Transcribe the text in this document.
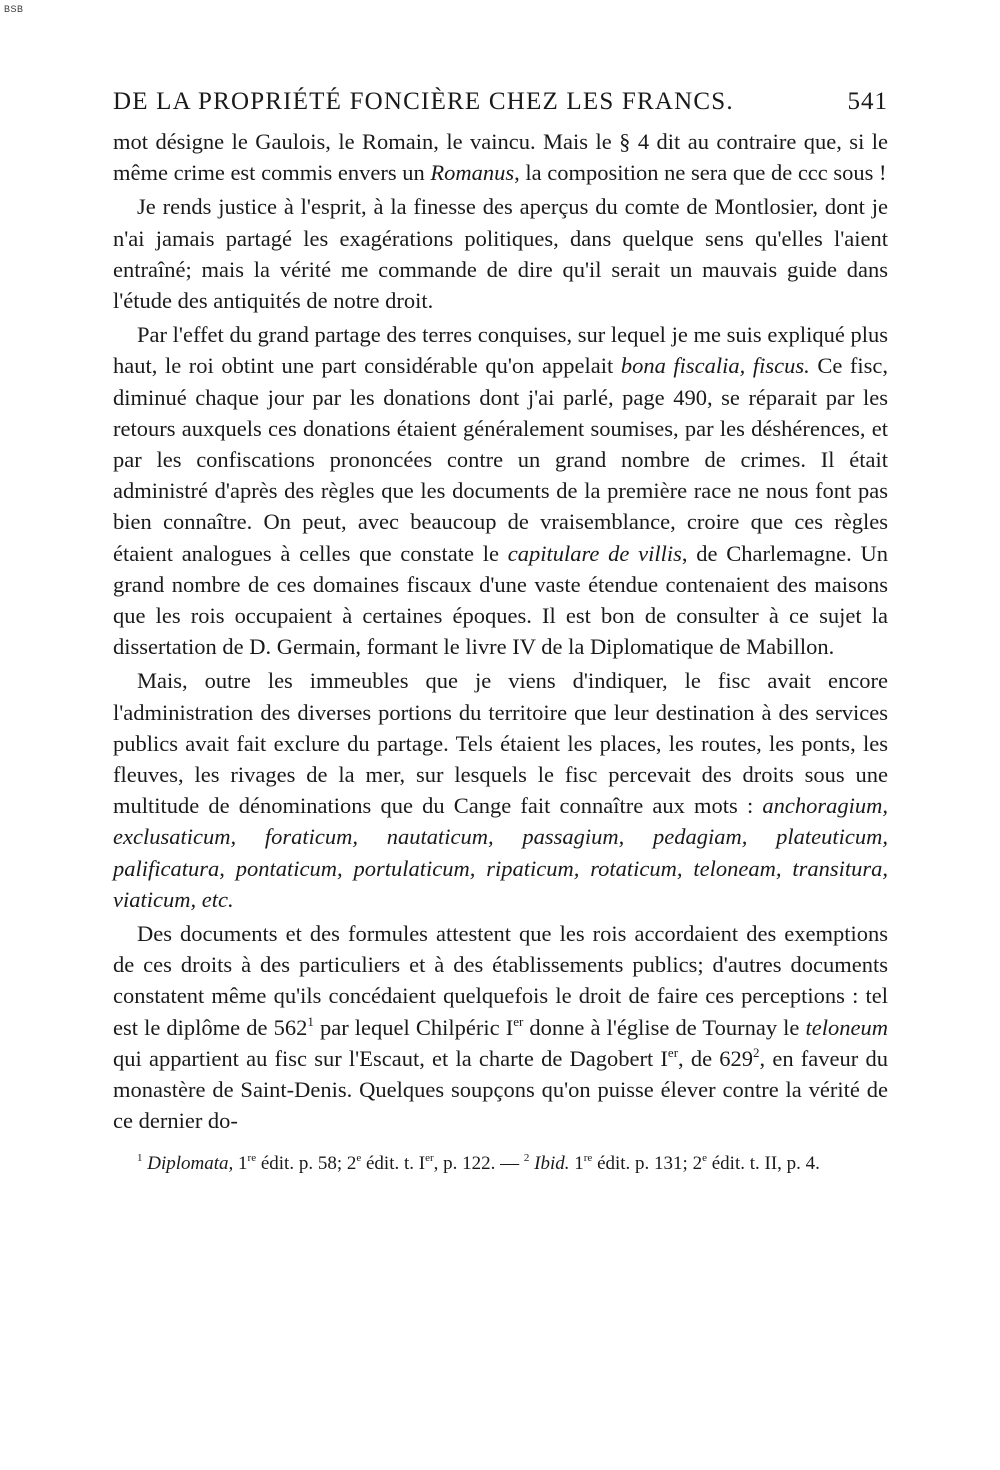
BSB
DE LA PROPRIÉTÉ FONCIÈRE CHEZ LES FRANCS.	541

mot désigne le Gaulois, le Romain, le vaincu. Mais le § 4 dit au contraire que, si le même crime est commis envers un Romanus, la composition ne sera que de ccc sous !

Je rends justice à l'esprit, à la finesse des aperçus du comte de Montlosier, dont je n'ai jamais partagé les exagérations politiques, dans quelque sens qu'elles l'aient entraîné; mais la vérité me commande de dire qu'il serait un mauvais guide dans l'étude des antiquités de notre droit.

Par l'effet du grand partage des terres conquises, sur lequel je me suis expliqué plus haut, le roi obtint une part considérable qu'on appelait bona fiscalia, fiscus. Ce fisc, diminué chaque jour par les donations dont j'ai parlé, page 490, se réparait par les retours auxquels ces donations étaient généralement soumises, par les déshérences, et par les confiscations prononcées contre un grand nombre de crimes. Il était administré d'après des règles que les documents de la première race ne nous font pas bien connaître. On peut, avec beaucoup de vraisemblance, croire que ces règles étaient analogues à celles que constate le capitulare de villis, de Charlemagne. Un grand nombre de ces domaines fiscaux d'une vaste étendue contenaient des maisons que les rois occupaient à certaines époques. Il est bon de consulter à ce sujet la dissertation de D. Germain, formant le livre IV de la Diplomatique de Mabillon.

Mais, outre les immeubles que je viens d'indiquer, le fisc avait encore l'administration des diverses portions du territoire que leur destination à des services publics avait fait exclure du partage. Tels étaient les places, les routes, les ponts, les fleuves, les rivages de la mer, sur lesquels le fisc percevait des droits sous une multitude de dénominations que du Cange fait connaître aux mots : anchoragium, exclusaticum, foraticum, nautaticum, passagium, pedagiam, plateuticum, palificatura, pontaticum, portulaticum, ripaticum, rotaticum, teloneam, transitura, viaticum, etc.

Des documents et des formules attestent que les rois accordaient des exemptions de ces droits à des particuliers et à des établissements publics; d'autres documents constatent même qu'ils concédaient quelquefois le droit de faire ces perceptions : tel est le diplôme de 562$^1$ par lequel Chilpéric Ier donne à l'église de Tournay le teloneum qui appartient au fisc sur l'Escaut, et la charte de Dagobert Ier, de 629$^2$, en faveur du monastère de Saint-Denis. Quelques soupçons qu'on puisse élever contre la vérité de ce dernier do-

$^1$ Diplomata, 1re édit. p. 58; 2e édit. t. Ier, p. 122. — $^2$ Ibid. 1re édit. p. 131; 2e édit. t. II, p. 4.
